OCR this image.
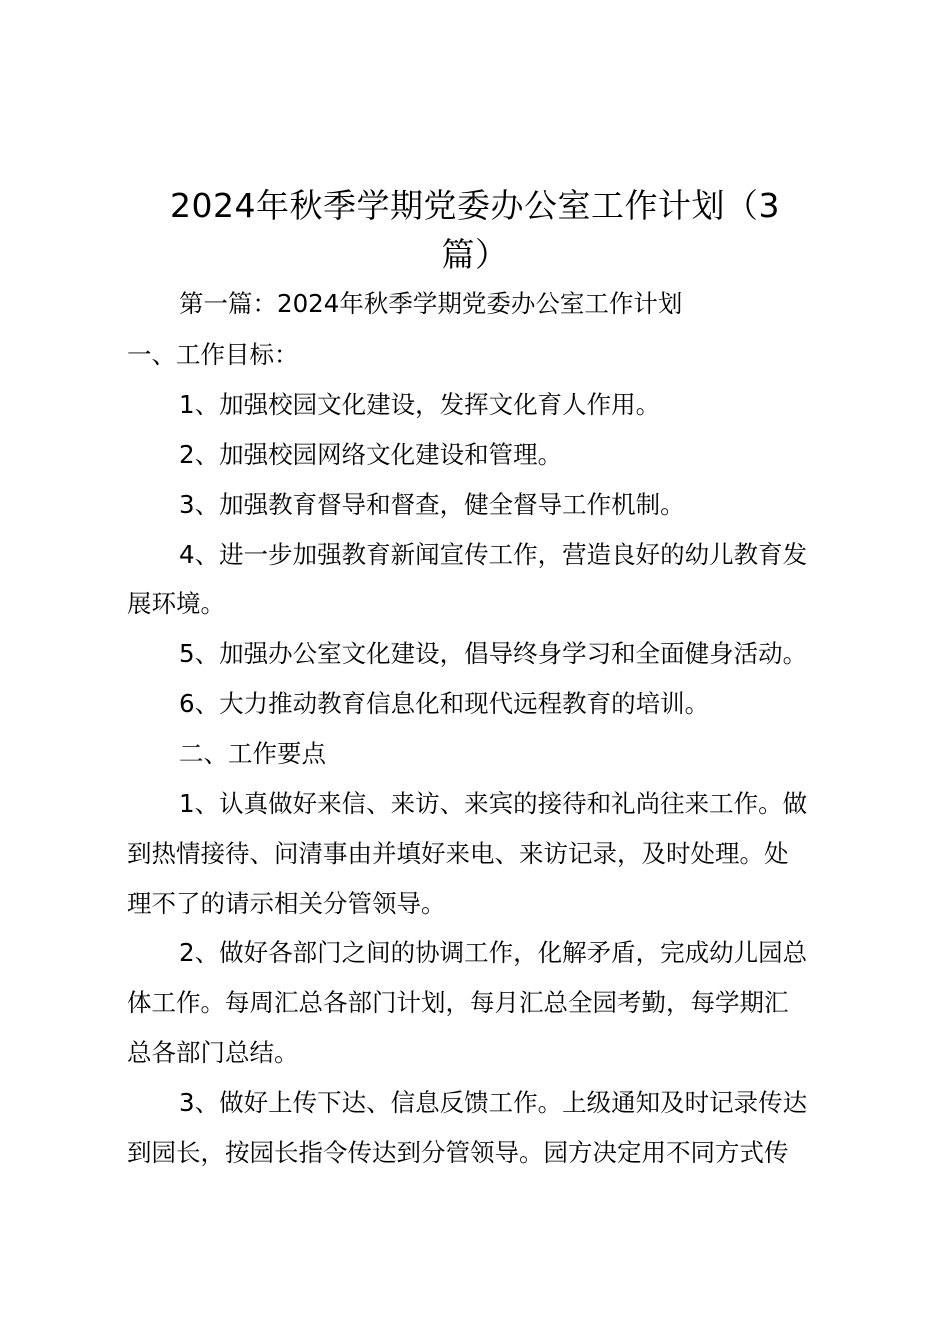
2024年秋季学期党委办公室工作计划（3
篇）

第一篇：2024年秋季学期党委办公室工作计划

一、工作目标：

1、加强校园文化建设，发挥文化育人作用。

2、加强校园网络文化建设和管理。

3、加强教育督导和督查，健全督导工作机制。

4、进一步加强教育新闻宣传工作，营造良好的幼儿教育发

展环境。

5、加强办公室文化建设，倡导终身学习和全面健身活动。

6、大力推动教育信息化和现代远程教育的培训。

二、工作要点

1、认真做好来信、来访、来宾的接待和礼尚往来工作。做

到热情接待、问清事由并填好来电、来访记录，及时处理。处

理不了的请示相关分管领导。

2、做好各部门之间的协调工作，化解矛盾，完成幼儿园总

体工作。每周汇总各部门计划，每月汇总全园考勤，每学期汇

总各部门总结。

3、做好上传下达、信息反馈工作。上级通知及时记录传达

到园长，按园长指令传达到分管领导。园方决定用不同方式传
